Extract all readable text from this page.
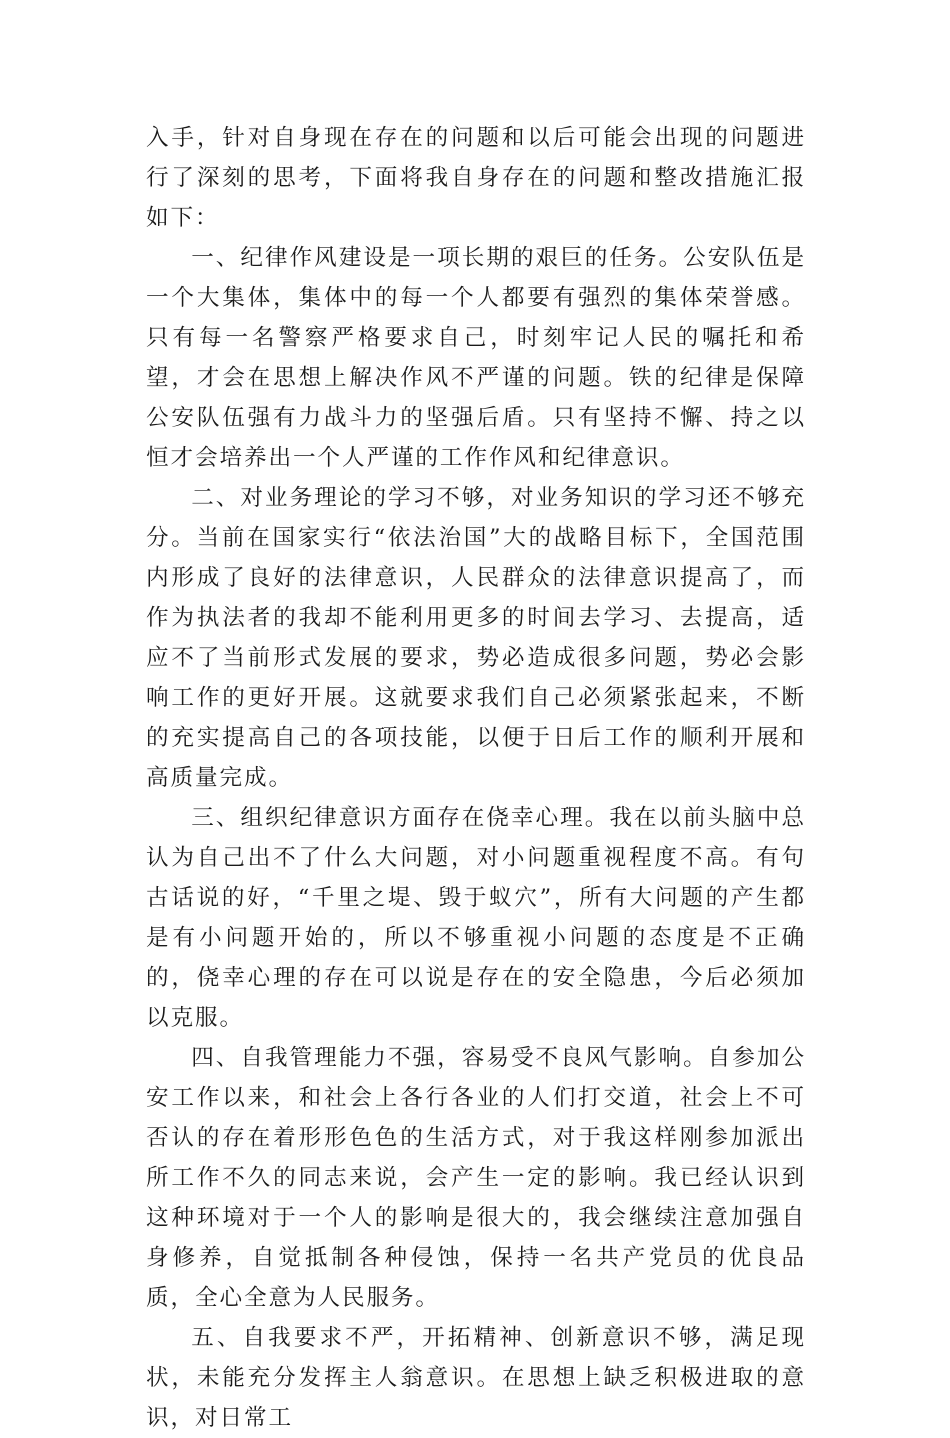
入手，针对自身现在存在的问题和以后可能会出现的问题进行了深刻的思考，下面将我自身存在的问题和整改措施汇报如下：

一、纪律作风建设是一项长期的艰巨的任务。公安队伍是一个大集体，集体中的每一个人都要有强烈的集体荣誉感。只有每一名警察严格要求自己，时刻牢记人民的嘱托和希望，才会在思想上解决作风不严谨的问题。铁的纪律是保障公安队伍强有力战斗力的坚强后盾。只有坚持不懈、持之以恒才会培养出一个人严谨的工作作风和纪律意识。

二、对业务理论的学习不够，对业务知识的学习还不够充分。当前在国家实行“依法治国”大的战略目标下，全国范围内形成了良好的法律意识，人民群众的法律意识提高了，而作为执法者的我却不能利用更多的时间去学习、去提高，适应不了当前形式发展的要求，势必造成很多问题，势必会影响工作的更好开展。这就要求我们自己必须紧张起来，不断的充实提高自己的各项技能，以便于日后工作的顺利开展和高质量完成。

三、组织纪律意识方面存在侥幸心理。我在以前头脑中总认为自己出不了什么大问题，对小问题重视程度不高。有句古话说的好，“千里之堤、毁于蚁穴”，所有大问题的产生都是有小问题开始的，所以不够重视小问题的态度是不正确的，侥幸心理的存在可以说是存在的安全隐患，今后必须加以克服。

四、自我管理能力不强，容易受不良风气影响。自参加公安工作以来，和社会上各行各业的人们打交道，社会上不可否认的存在着形形色色的生活方式，对于我这样刚参加派出所工作不久的同志来说，会产生一定的影响。我已经认识到这种环境对于一个人的影响是很大的，我会继续注意加强自身修养，自觉抵制各种侵蚀，保持一名共产党员的优良品质，全心全意为人民服务。

五、自我要求不严，开拓精神、创新意识不够，满足现状，未能充分发挥主人翁意识。在思想上缺乏积极进取的意识，对日常工
